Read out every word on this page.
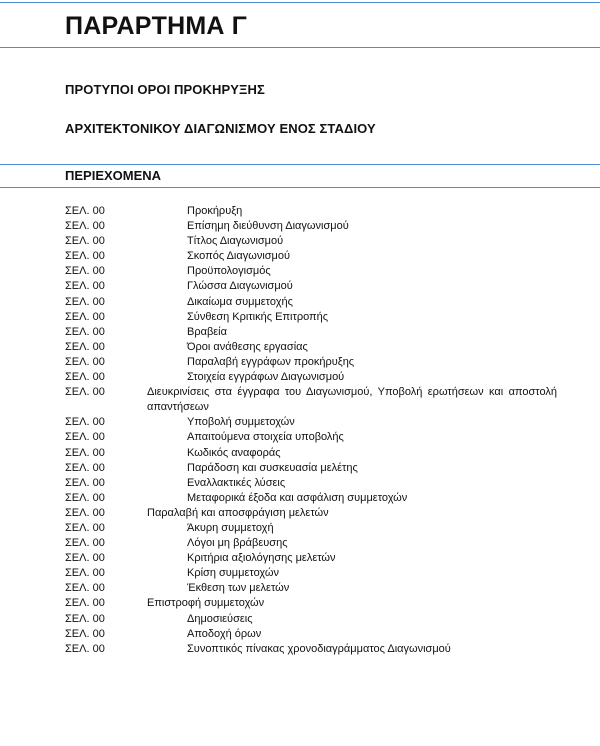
ΠΑΡΑΡΤΗΜΑ Γ
ΠΡΟΤΥΠΟΙ ΟΡΟΙ ΠΡΟΚΗΡΥΞΗΣ
ΑΡΧΙΤΕΚΤΟΝΙΚΟΥ ΔΙΑΓΩΝΙΣΜΟΥ ΕΝΟΣ ΣΤΑΔΙΟΥ
ΠΕΡΙΕΧΟΜΕΝΑ
ΣΕΛ. 00	Προκήρυξη
ΣΕΛ. 00	Επίσημη διεύθυνση Διαγωνισμού
ΣΕΛ. 00	Τίτλος Διαγωνισμού
ΣΕΛ. 00	Σκοπός Διαγωνισμού
ΣΕΛ. 00	Προϋπολογισμός
ΣΕΛ. 00	Γλώσσα Διαγωνισμού
ΣΕΛ. 00	Δικαίωμα συμμετοχής
ΣΕΛ. 00	Σύνθεση Κριτικής Επιτροπής
ΣΕΛ. 00	Βραβεία
ΣΕΛ. 00	Όροι ανάθεσης εργασίας
ΣΕΛ. 00	Παραλαβή εγγράφων προκήρυξης
ΣΕΛ. 00	Στοιχεία εγγράφων Διαγωνισμού
ΣΕΛ. 00	Διευκρινίσεις στα έγγραφα του Διαγωνισμού, Υποβολή ερωτήσεων και αποστολή απαντήσεων
ΣΕΛ. 00	Υποβολή συμμετοχών
ΣΕΛ. 00	Απαιτούμενα στοιχεία υποβολής
ΣΕΛ. 00	Κωδικός αναφοράς
ΣΕΛ. 00	Παράδοση και συσκευασία μελέτης
ΣΕΛ. 00	Εναλλακτικές λύσεις
ΣΕΛ. 00	Μεταφορικά έξοδα και ασφάλιση συμμετοχών
ΣΕΛ. 00	Παραλαβή και αποσφράγιση μελετών
ΣΕΛ. 00	Άκυρη συμμετοχή
ΣΕΛ. 00	Λόγοι μη βράβευσης
ΣΕΛ. 00	Κριτήρια αξιολόγησης μελετών
ΣΕΛ. 00	Κρίση συμμετοχών
ΣΕΛ. 00	Έκθεση των μελετών
ΣΕΛ. 00	Επιστροφή συμμετοχών
ΣΕΛ. 00	Δημοσιεύσεις
ΣΕΛ. 00	Αποδοχή όρων
ΣΕΛ. 00	Συνοπτικός πίνακας χρονοδιαγράμματος Διαγωνισμού
